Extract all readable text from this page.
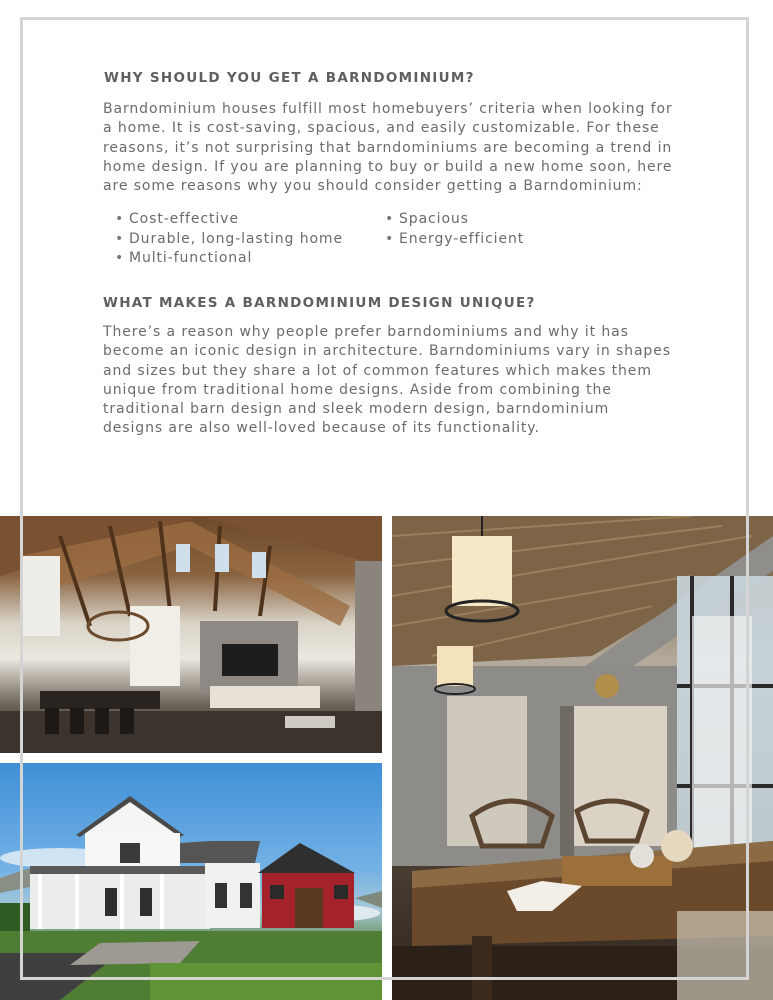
WHY SHOULD YOU GET A BARNDOMINIUM?

Barndominium houses fulfill most homebuyers’ criteria when looking for a home. It is cost-saving, spacious, and easily customizable. For these reasons, it’s not surprising that barndominiums are becoming a trend in home design. If you are planning to buy or build a new home soon, here are some reasons why you should consider getting a Barndominium:

• Cost-effective	• Spacious
• Durable, long-lasting home	• Energy-efficient
• Multi-functional
WHAT MAKES A BARNDOMINIUM DESIGN UNIQUE?

There’s a reason why people prefer barndominiums and why it has become an iconic design in architecture. Barndominiums vary in shapes and sizes but they share a lot of common features which makes them unique from traditional home designs. Aside from combining the traditional barn design and sleek modern design, barndominium designs are also well-loved because of its functionality.
